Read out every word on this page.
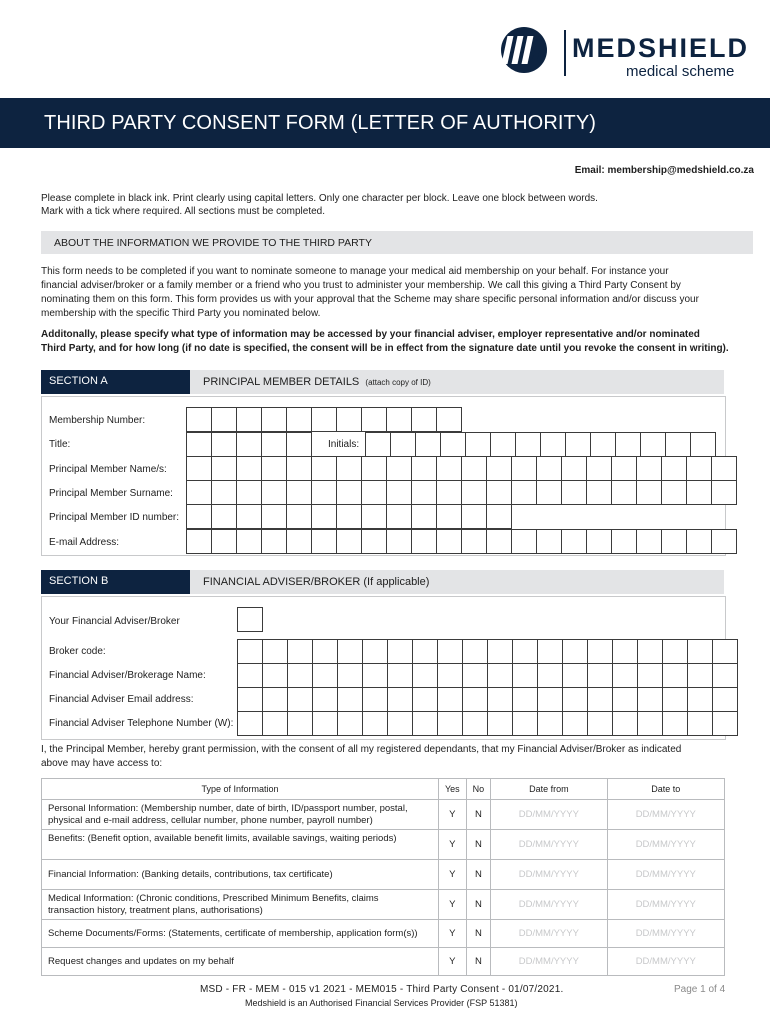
MEDSHIELD
medical scheme
THIRD PARTY CONSENT FORM (LETTER OF AUTHORITY)
Email: membership@medshield.co.za
Please complete in black ink. Print clearly using capital letters. Only one character per block. Leave one block between words.
Mark with a tick where required. All sections must be completed.
ABOUT THE INFORMATION WE PROVIDE TO THE THIRD PARTY
This form needs to be completed if you want to nominate someone to manage your medical aid membership on your behalf. For instance your
financial adviser/broker or a family member or a friend who you trust to administer your membership. We call this giving a Third Party Consent by
nominating them on this form. This form provides us with your approval that the Scheme may share specific personal information and/or discuss your
membership with the specific Third Party you nominated below.
Additonally, please specify what type of information may be accessed by your financial adviser, employer representative and/or nominated
Third Party, and for how long (if no date is specified, the consent will be in effect from the signature date until you revoke the consent in writing).
SECTION A	PRINCIPAL MEMBER DETAILS (attach copy of ID)
Membership Number:
Title:	Initials:
Principal Member Name/s:
Principal Member Surname:
Principal Member ID number:
E-mail Address:
SECTION B	FINANCIAL ADVISER/BROKER (If applicable)
Your Financial Adviser/Broker
Broker code:
Financial Adviser/Brokerage Name:
Financial Adviser Email address:
Financial Adviser Telephone Number (W):
I, the Principal Member, hereby grant permission, with the consent of all my registered dependants, that my Financial Adviser/Broker as indicated
above may have access to:
Type of Information	Yes	No	Date from	Date to

Personal Information: (Membership number, date of birth, ID/passport number, postal,
physical and e-mail address, cellular number, phone number, payroll number)	Y	N	DD/MM/YYYY	DD/MM/YYYY

Benefits: (Benefit option, available benefit limits, available savings, waiting periods)	Y	N	DD/MM/YYYY	DD/MM/YYYY

Financial Information: (Banking details, contributions, tax certificate)	Y	N	DD/MM/YYYY	DD/MM/YYYY

Medical Information: (Chronic conditions, Prescribed Minimum Benefits, claims
transaction history, treatment plans, authorisations)	Y	N	DD/MM/YYYY	DD/MM/YYYY

Scheme Documents/Forms: (Statements, certificate of membership, application form(s))	Y	N	DD/MM/YYYY	DD/MM/YYYY

Request changes and updates on my behalf	Y	N	DD/MM/YYYY	DD/MM/YYYY
MSD - FR - MEM - 015 v1 2021 - MEM015 - Third Party Consent - 01/07/2021.
Medshield is an Authorised Financial Services Provider (FSP 51381)
Page 1 of 4
